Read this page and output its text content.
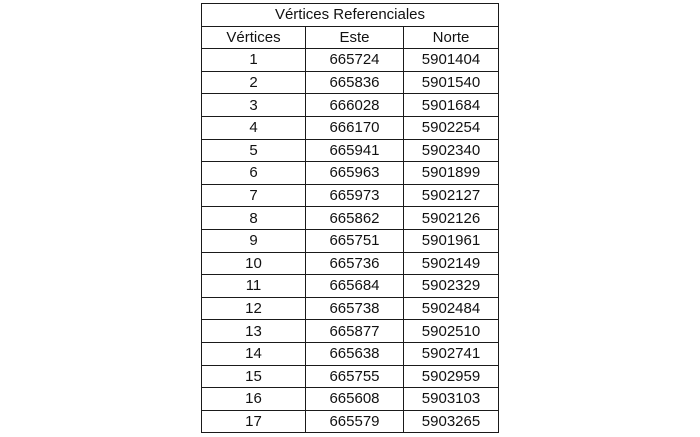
Vértices Referenciales		
Vértices	Este	Norte
1	665724	5901404
2	665836	5901540
3	666028	5901684
4	666170	5902254
5	665941	5902340
6	665963	5901899
7	665973	5902127
8	665862	5902126
9	665751	5901961
10	665736	5902149
11	665684	5902329
12	665738	5902484
13	665877	5902510
14	665638	5902741
15	665755	5902959
16	665608	5903103
17	665579	5903265
